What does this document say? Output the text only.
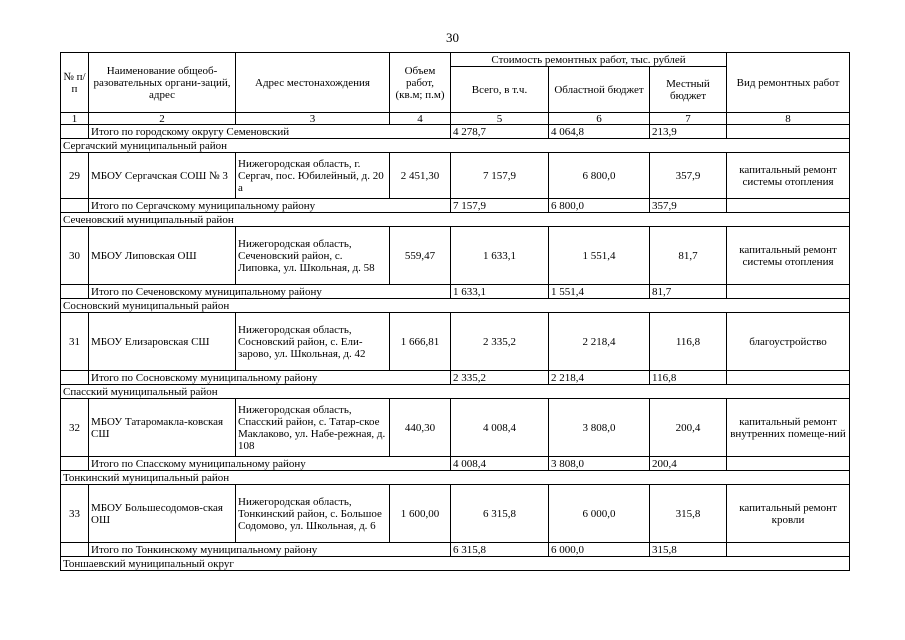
30
№ п/п	Наименование общеоб-разовательных органи-заций, адрес	Адрес местонахождения	Объем работ, (кв.м; п.м)	Стоимость ремонтных работ, тыс. рублей			Вид ремонтных работ
				Всего, в т.ч.	Областной бюджет	Местный бюджет	
1	2	3	4	5	6	7	8
	Итого по городскому округу Семеновский			4 278,7	4 064,8	213,9	
Сергачский муниципальный район							
29	МБОУ Сергачская СОШ № 3	Нижегородская область, г. Сергач, пос. Юбилейный, д. 20 а	2 451,30	7 157,9	6 800,0	357,9	капитальный ремонт системы отопления
	Итого по Сергачскому муниципальному району			7 157,9	6 800,0	357,9	
Сеченовский муниципальный район							
30	МБОУ Липовская ОШ	Нижегородская область, Сеченовский район, с. Липовка, ул. Школьная, д. 58	559,47	1 633,1	1 551,4	81,7	капитальный ремонт системы отопления
	Итого по Сеченовскому муниципальному району			1 633,1	1 551,4	81,7	
Сосновский муниципальный район							
31	МБОУ Елизаровская СШ	Нижегородская область, Сосновский район, с. Ели-зарово, ул. Школьная, д. 42	1 666,81	2 335,2	2 218,4	116,8	благоустройство
	Итого по Сосновскому муниципальному району			2 335,2	2 218,4	116,8	
Спасский муниципальный район							
32	МБОУ Татаромакла-ковская СШ	Нижегородская область, Спасский район, с. Татар-ское Маклаково, ул. Набе-режная, д. 108	440,30	4 008,4	3 808,0	200,4	капитальный ремонт внутренних помеще-ний
	Итого по Спасскому муниципальному району			4 008,4	3 808,0	200,4	
Тонкинский муниципальный район							
33	МБОУ Большесодомов-ская ОШ	Нижегородская область, Тонкинский район, с. Большое Содомово, ул. Школьная, д. 6	1 600,00	6 315,8	6 000,0	315,8	капитальный ремонт кровли
	Итого по Тонкинскому муниципальному району			6 315,8	6 000,0	315,8	
Тоншаевский муниципальный округ							
